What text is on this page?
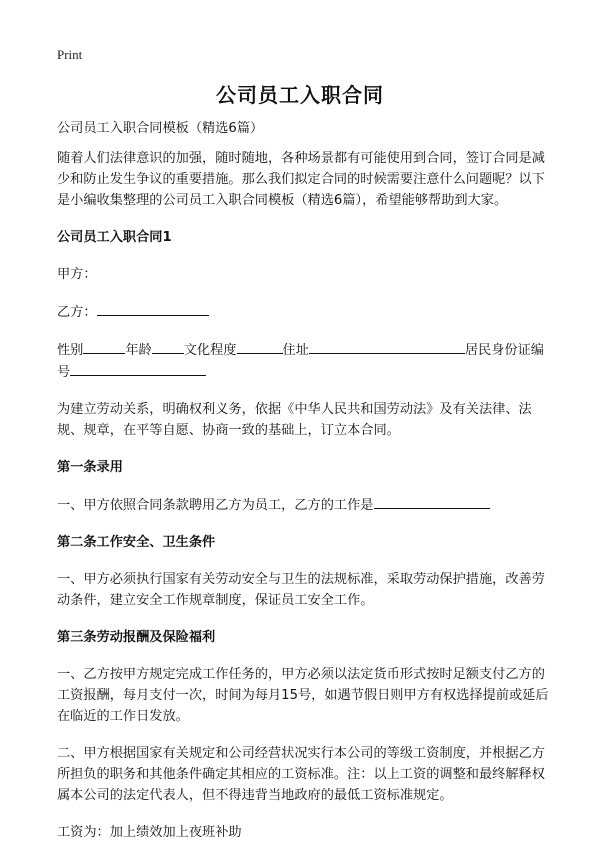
Print
公司员工入职合同

公司员工入职合同模板（精选6篇）

随着人们法律意识的加强，随时随地，各种场景都有可能使用到合同，签订合同是减少和防止发生争议的重要措施。那么我们拟定合同的时候需要注意什么问题呢？以下是小编收集整理的公司员工入职合同模板（精选6篇），希望能够帮助到大家。

公司员工入职合同1

甲方：

乙方：

性别	年龄 文化程度	住址	居民身份证编号

为建立劳动关系，明确权利义务，依据《中华人民共和国劳动法》及有关法律、法规、规章，在平等自愿、协商一致的基础上，订立本合同。

第一条录用

一、甲方依照合同条款聘用乙方为员工，乙方的工作是

第二条工作安全、卫生条件

一、甲方必须执行国家有关劳动安全与卫生的法规标准，采取劳动保护措施，改善劳动条件，建立安全工作规章制度，保证员工安全工作。

第三条劳动报酬及保险福利

一、乙方按甲方规定完成工作任务的，甲方必须以法定货币形式按时足额支付乙方的工资报酬，每月支付一次，时间为每月15号，如遇节假日则甲方有权选择提前或延后在临近的工作日发放。

二、甲方根据国家有关规定和公司经营状况实行本公司的等级工资制度，并根据乙方所担负的职务和其他条件确定其相应的工资标准。注：以上工资的调整和最终解释权属本公司的法定代表人，但不得违背当地政府的最低工资标准规定。

工资为：加上绩效加上夜班补助
